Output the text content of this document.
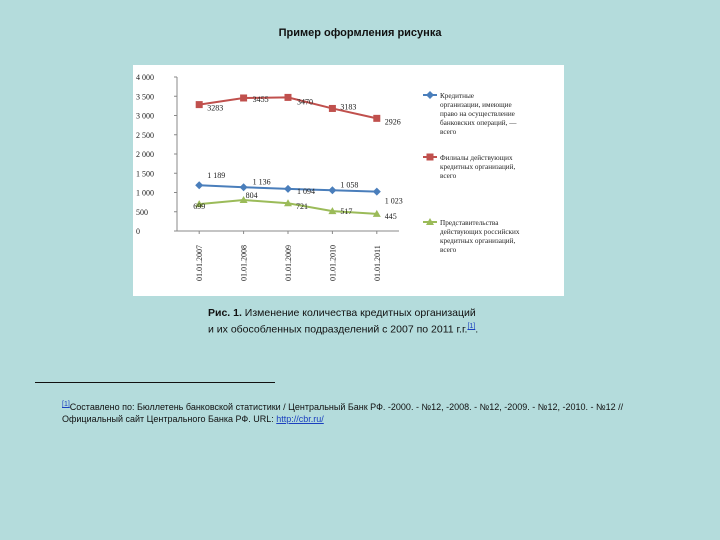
Пример оформления рисунка
0
500
1 000
1 500
2 000
2 500
3 000
3 500
4 000
01.01.2007	01.01.2008	01.01.2009	01.01.2010	01.01.2011
1 189
1 136
1 094
1 058
1 023
3283
3455	3470
3183
2926
699
804
721
517
445
Кредитные
организации, имеющие
право на осуществление
банковских операций, —
всего
Филиалы действующих
кредитных организаций,
всего
Представительства
действующих российских
кредитных организаций,
всего
Рис. 1. Изменение количества кредитных организаций
и их обособленных подразделений с 2007 по 2011 г.г.[1].
[1]Составлено по: Бюллетень банковской статистики / Центральный Банк РФ. -2000. - №12, -2008. - №12, -2009. - №12, -2010. - №12 //
Официальный сайт Центрального Банка РФ. URL: http://cbr.ru/
